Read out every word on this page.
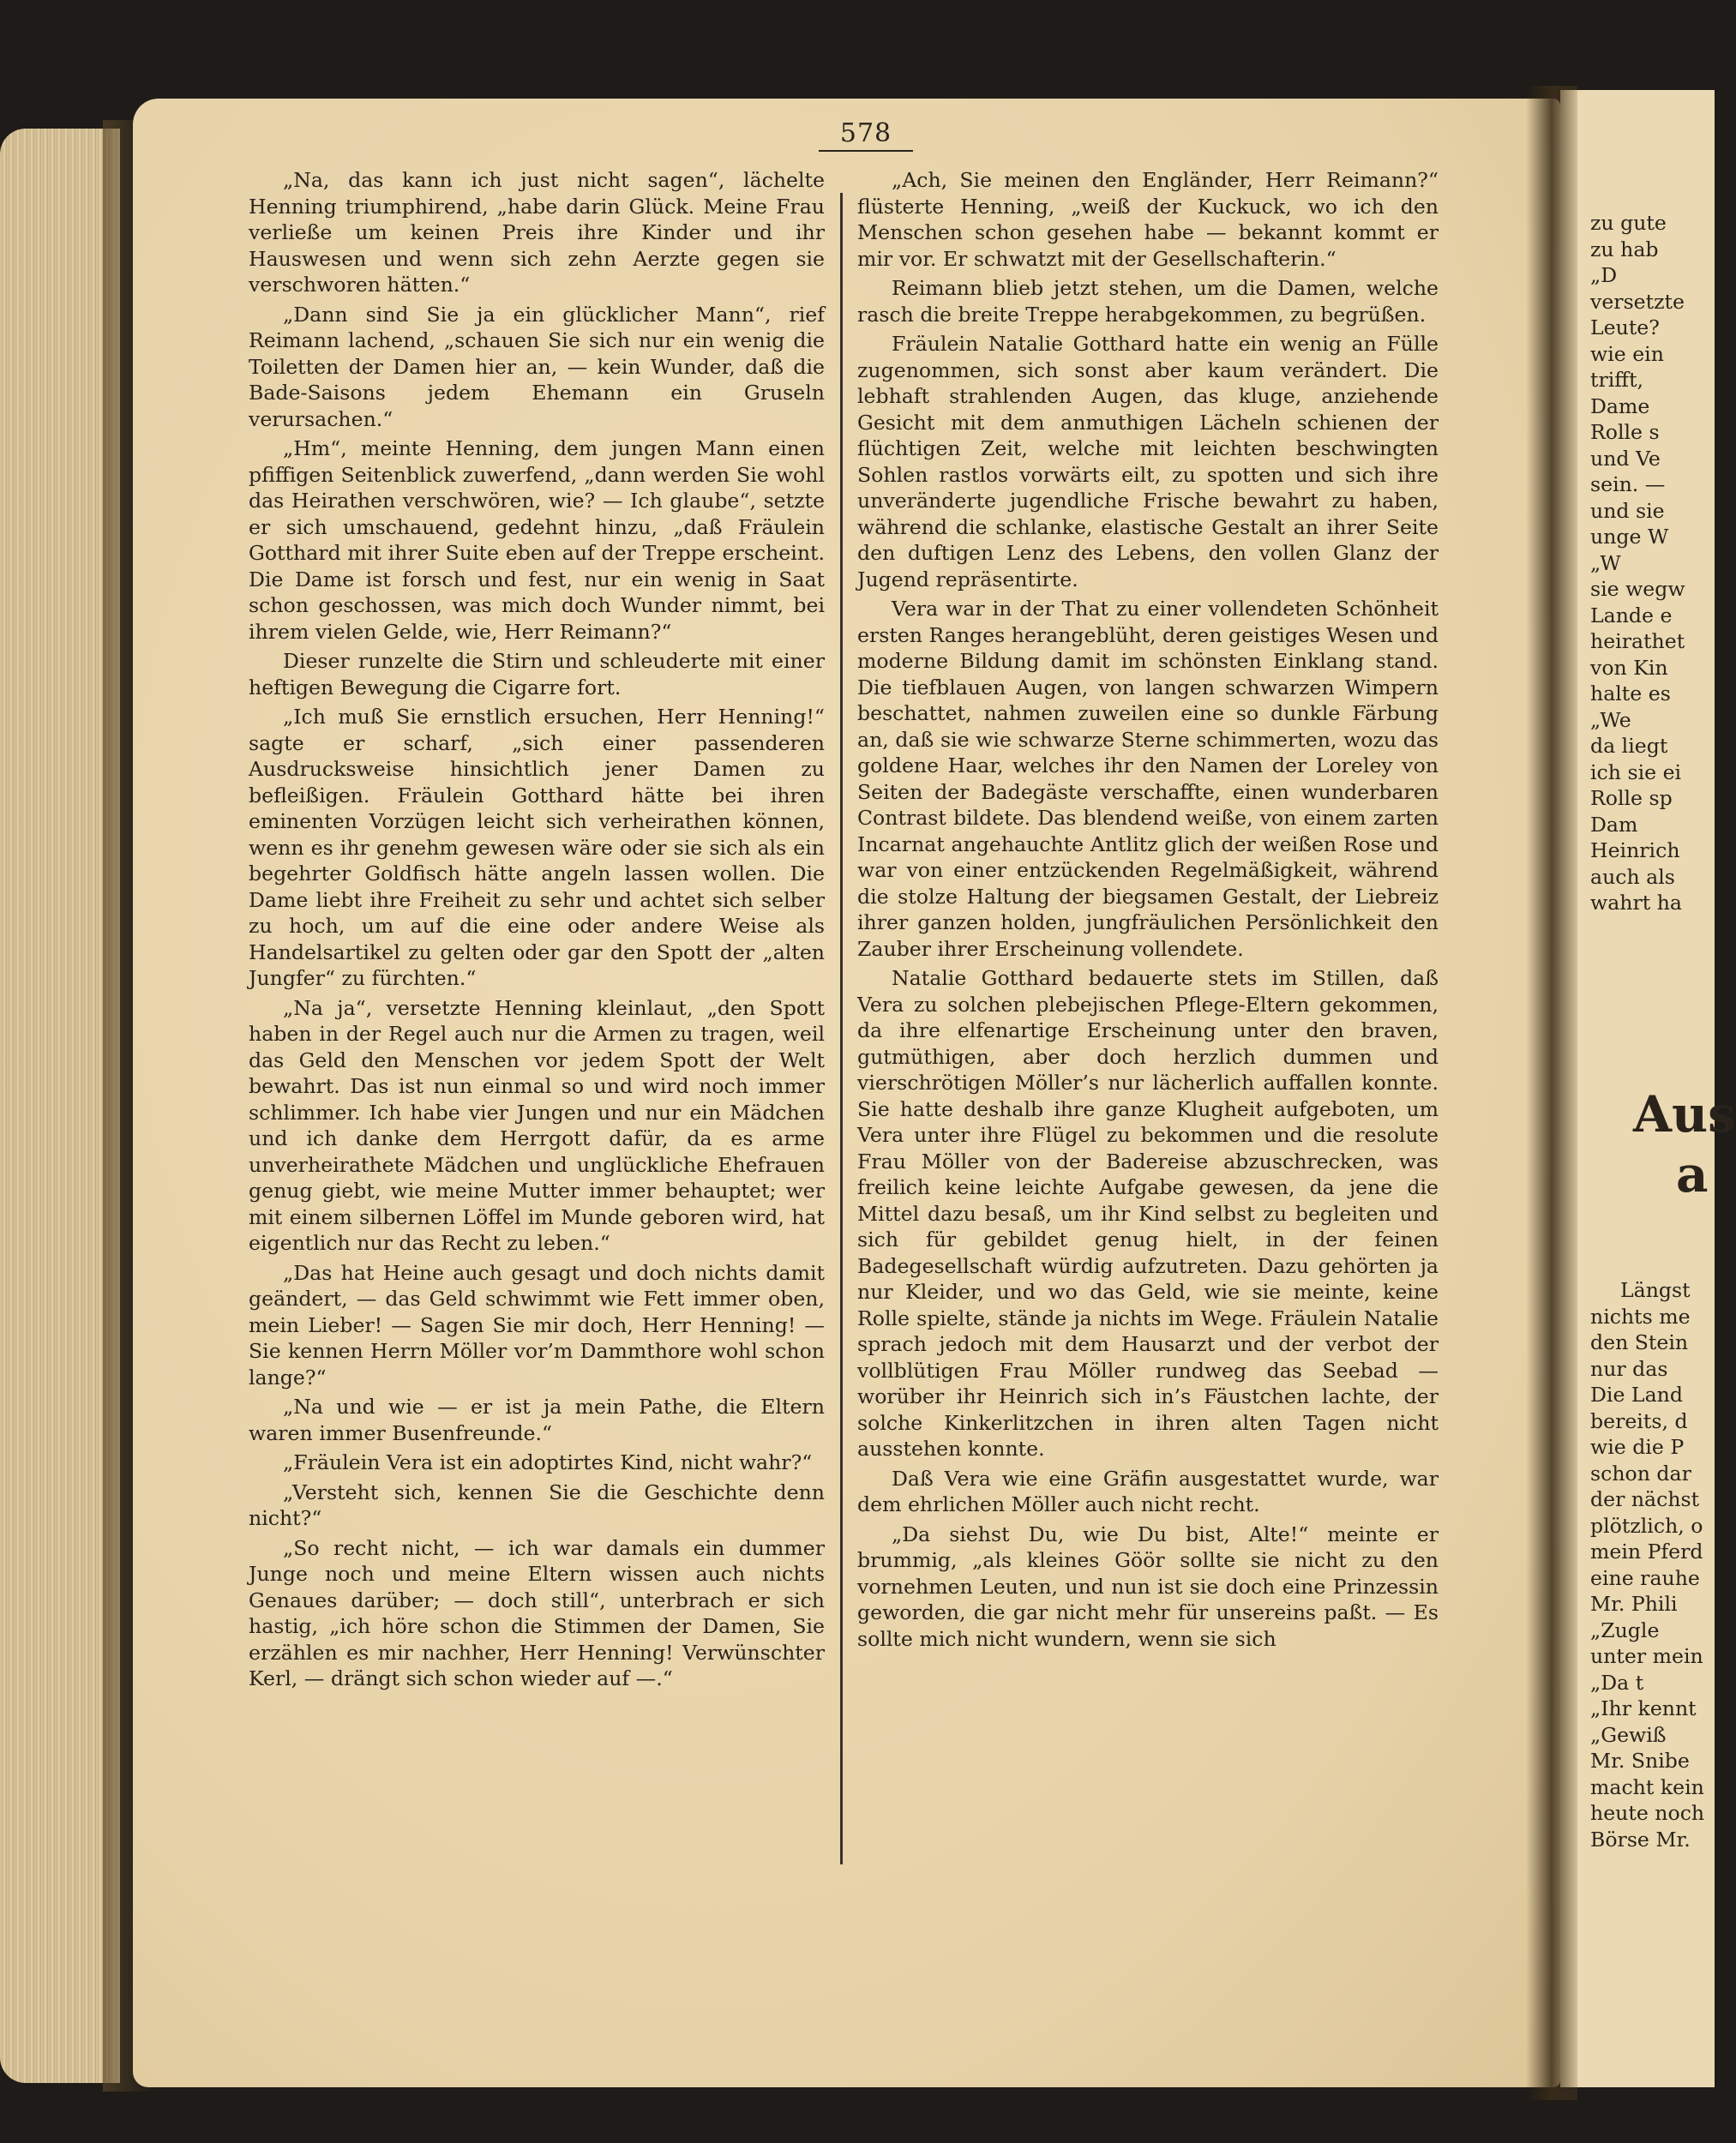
578

„Na, das kann ich just nicht sagen“, lächelte Henning triumphirend, „habe darin Glück. Meine Frau verließe um keinen Preis ihre Kinder und ihr Hauswesen und wenn sich zehn Aerzte gegen sie verschworen hätten.“

„Dann sind Sie ja ein glücklicher Mann“, rief Reimann lachend, „schauen Sie sich nur ein wenig die Toiletten der Damen hier an, — kein Wunder, daß die Bade-Saisons jedem Ehemann ein Gruseln verursachen.“

„Hm“, meinte Henning, dem jungen Mann einen pfiffigen Seitenblick zuwerfend, „dann werden Sie wohl das Heirathen verschwören, wie? — Ich glaube“, setzte er sich umschauend, gedehnt hinzu, „daß Fräulein Gotthard mit ihrer Suite eben auf der Treppe erscheint. Die Dame ist forsch und fest, nur ein wenig in Saat schon geschossen, was mich doch Wunder nimmt, bei ihrem vielen Gelde, wie, Herr Reimann?“

Dieser runzelte die Stirn und schleuderte mit einer heftigen Bewegung die Cigarre fort.

„Ich muß Sie ernstlich ersuchen, Herr Henning!“ sagte er scharf, „sich einer passenderen Ausdrucksweise hinsichtlich jener Damen zu befleißigen. Fräulein Gotthard hätte bei ihren eminenten Vorzügen leicht sich verheirathen können, wenn es ihr genehm gewesen wäre oder sie sich als ein begehrter Goldfisch hätte angeln lassen wollen. Die Dame liebt ihre Freiheit zu sehr und achtet sich selber zu hoch, um auf die eine oder andere Weise als Handelsartikel zu gelten oder gar den Spott der „alten Jungfer“ zu fürchten.“

„Na ja“, versetzte Henning kleinlaut, „den Spott haben in der Regel auch nur die Armen zu tragen, weil das Geld den Menschen vor jedem Spott der Welt bewahrt. Das ist nun einmal so und wird noch immer schlimmer. Ich habe vier Jungen und nur ein Mädchen und ich danke dem Herrgott dafür, da es arme unverheirathete Mädchen und unglückliche Ehefrauen genug giebt, wie meine Mutter immer behauptet; wer mit einem silbernen Löffel im Munde geboren wird, hat eigentlich nur das Recht zu leben.“

„Das hat Heine auch gesagt und doch nichts damit geändert, — das Geld schwimmt wie Fett immer oben, mein Lieber! — Sagen Sie mir doch, Herr Henning! — Sie kennen Herrn Möller vor’m Dammthore wohl schon lange?“

„Na und wie — er ist ja mein Pathe, die Eltern waren immer Busenfreunde.“

„Fräulein Vera ist ein adoptirtes Kind, nicht wahr?“

„Versteht sich, kennen Sie die Geschichte denn nicht?“

„So recht nicht, — ich war damals ein dummer Junge noch und meine Eltern wissen auch nichts Genaues darüber; — doch still“, unterbrach er sich hastig, „ich höre schon die Stimmen der Damen, Sie erzählen es mir nachher, Herr Henning! Verwünschter Kerl, — drängt sich schon wieder auf —.“

„Ach, Sie meinen den Engländer, Herr Reimann?“ flüsterte Henning, „weiß der Kuckuck, wo ich den Menschen schon gesehen habe — bekannt kommt er mir vor. Er schwatzt mit der Gesellschafterin.“

Reimann blieb jetzt stehen, um die Damen, welche rasch die breite Treppe herabgekommen, zu begrüßen.

Fräulein Natalie Gotthard hatte ein wenig an Fülle zugenommen, sich sonst aber kaum verändert. Die lebhaft strahlenden Augen, das kluge, anziehende Gesicht mit dem anmuthigen Lächeln schienen der flüchtigen Zeit, welche mit leichten beschwingten Sohlen rastlos vorwärts eilt, zu spotten und sich ihre unveränderte jugendliche Frische bewahrt zu haben, während die schlanke, elastische Gestalt an ihrer Seite den duftigen Lenz des Lebens, den vollen Glanz der Jugend repräsentirte.

Vera war in der That zu einer vollendeten Schönheit ersten Ranges herangeblüht, deren geistiges Wesen und moderne Bildung damit im schönsten Einklang stand. Die tiefblauen Augen, von langen schwarzen Wimpern beschattet, nahmen zuweilen eine so dunkle Färbung an, daß sie wie schwarze Sterne schimmerten, wozu das goldene Haar, welches ihr den Namen der Loreley von Seiten der Badegäste verschaffte, einen wunderbaren Contrast bildete. Das blendend weiße, von einem zarten Incarnat angehauchte Antlitz glich der weißen Rose und war von einer entzückenden Regelmäßigkeit, während die stolze Haltung der biegsamen Gestalt, der Liebreiz ihrer ganzen holden, jungfräulichen Persönlichkeit den Zauber ihrer Erscheinung vollendete.

Natalie Gotthard bedauerte stets im Stillen, daß Vera zu solchen plebejischen Pflege-Eltern gekommen, da ihre elfenartige Erscheinung unter den braven, gutmüthigen, aber doch herzlich dummen und vierschrötigen Möller’s nur lächerlich auffallen konnte. Sie hatte deshalb ihre ganze Klugheit aufgeboten, um Vera unter ihre Flügel zu bekommen und die resolute Frau Möller von der Badereise abzuschrecken, was freilich keine leichte Aufgabe gewesen, da jene die Mittel dazu besaß, um ihr Kind selbst zu begleiten und sich für gebildet genug hielt, in der feinen Badegesellschaft würdig aufzutreten. Dazu gehörten ja nur Kleider, und wo das Geld, wie sie meinte, keine Rolle spielte, stände ja nichts im Wege. Fräulein Natalie sprach jedoch mit dem Hausarzt und der verbot der vollblütigen Frau Möller rundweg das Seebad — worüber ihr Heinrich sich in’s Fäustchen lachte, der solche Kinkerlitzchen in ihren alten Tagen nicht ausstehen konnte.

Daß Vera wie eine Gräfin ausgestattet wurde, war dem ehrlichen Möller auch nicht recht.

„Da siehst Du, wie Du bist, Alte!“ meinte er brummig, „als kleines Göör sollte sie nicht zu den vornehmen Leuten, und nun ist sie doch eine Prinzessin geworden, die gar nicht mehr für unsereins paßt. — Es sollte mich nicht wundern, wenn sie sich

zu gute
zu hab
„D
versetzte
Leute?
wie ein
trifft,
Dame
Rolle s
und Ve
sein. —
und sie
unge W
„W
sie wegw
Lande e
heirathet
von Kin
halte es
„We
da liegt
ich sie ei
Rolle sp
Dam
Heinrich
auch als
wahrt ha
Aus
a
Längst
nichts me
den Stein
nur das
Die Land
bereits, d
wie die P
schon dar
der nächst
plötzlich, o
mein Pferd
eine rauhe
Mr. Phili
„Zugle
unter mein
„Da t
„Ihr kennt
„Gewiß
Mr. Snibe
macht kein
heute noch
Börse Mr.
